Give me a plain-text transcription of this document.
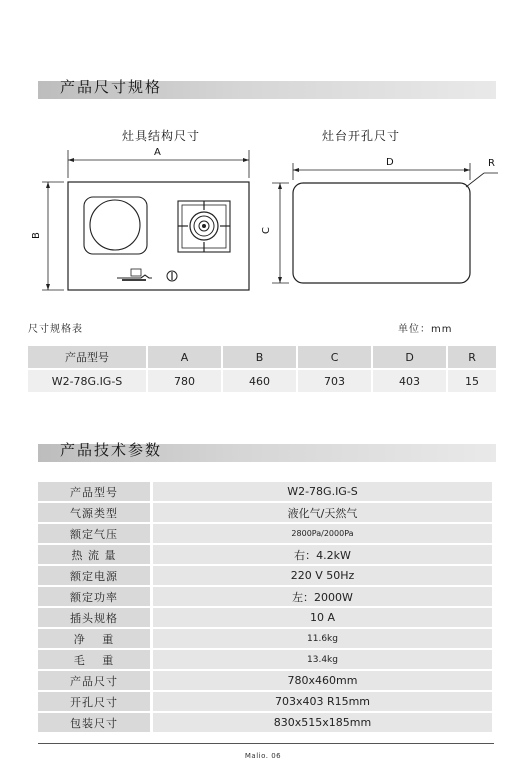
产品尺寸规格
灶具结构尺寸	灶台开孔尺寸
A
B
D	R
C
尺寸规格表	单位：mm
产品型号	A	B	C	D	R
W2-78G.IG-S	780	460	703	403	15
产品技术参数
产品型号	W2-78G.IG-S
气源类型	液化气/天然气
额定气压	2800Pa/2000Pa
热 流 量	右：4.2kW
额定电源	220 V 50Hz
额定功率	左：2000W
插头规格	10 A
净　 重	11.6kg
毛　 重	13.4kg
产品尺寸	780x460mm
开孔尺寸	703x403 R15mm
包装尺寸	830x515x185mm
Malio. 06
